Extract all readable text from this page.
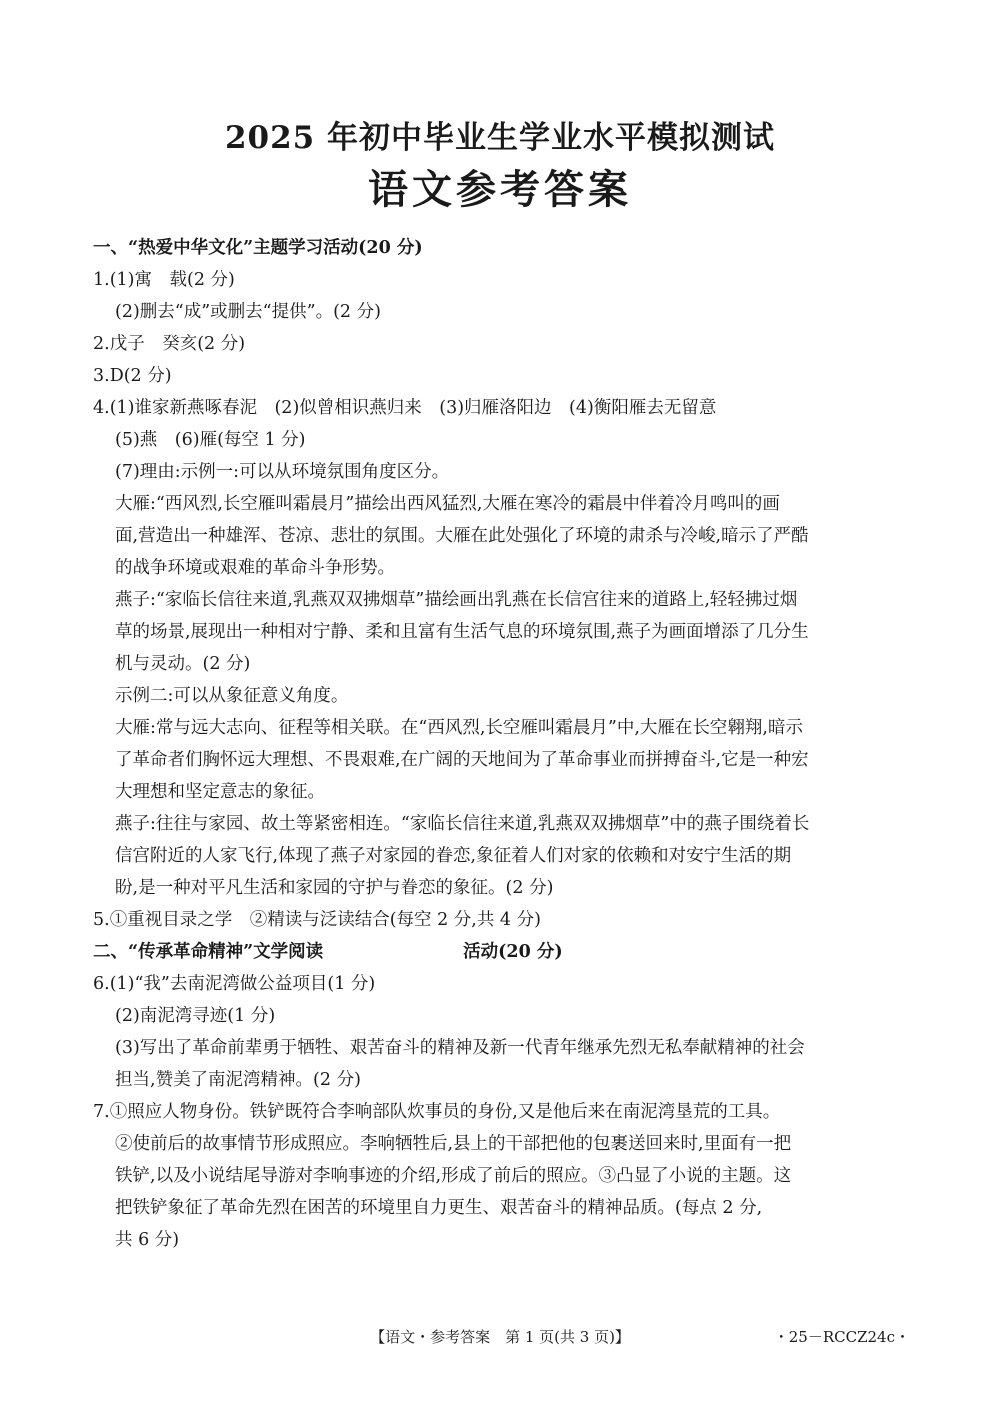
2025 年初中毕业生学业水平模拟测试
语文参考答案
一、“热爱中华文化”主题学习活动(20 分)
1.(1)寓　载(2 分)
(2)删去“成”或删去“提供”。(2 分)
2.戊子　癸亥(2 分)
3.D(2 分)
4.(1)谁家新燕啄春泥　(2)似曾相识燕归来　(3)归雁洛阳边　(4)衡阳雁去无留意
(5)燕　(6)雁(每空 1 分)
(7)理由:示例一:可以从环境氛围角度区分。
大雁:“西风烈,长空雁叫霜晨月”描绘出西风猛烈,大雁在寒冷的霜晨中伴着冷月鸣叫的画
面,营造出一种雄浑、苍凉、悲壮的氛围。大雁在此处强化了环境的肃杀与冷峻,暗示了严酷
的战争环境或艰难的革命斗争形势。
燕子:“家临长信往来道,乳燕双双拂烟草”描绘画出乳燕在长信宫往来的道路上,轻轻拂过烟
草的场景,展现出一种相对宁静、柔和且富有生活气息的环境氛围,燕子为画面增添了几分生
机与灵动。(2 分)
示例二:可以从象征意义角度。
大雁:常与远大志向、征程等相关联。在“西风烈,长空雁叫霜晨月”中,大雁在长空翱翔,暗示
了革命者们胸怀远大理想、不畏艰难,在广阔的天地间为了革命事业而拼搏奋斗,它是一种宏
大理想和坚定意志的象征。
燕子:往往与家园、故土等紧密相连。“家临长信往来道,乳燕双双拂烟草”中的燕子围绕着长
信宫附近的人家飞行,体现了燕子对家园的眷恋,象征着人们对家的依赖和对安宁生活的期
盼,是一种对平凡生活和家园的守护与眷恋的象征。(2 分)
5.①重视目录之学　②精读与泛读结合(每空 2 分,共 4 分)
二、“传承革命精神”文学阅读	活动(20 分)
6.(1)“我”去南泥湾做公益项目(1 分)
(2)南泥湾寻迹(1 分)
(3)写出了革命前辈勇于牺牲、艰苦奋斗的精神及新一代青年继承先烈无私奉献精神的社会
担当,赞美了南泥湾精神。(2 分)
7.①照应人物身份。铁铲既符合李响部队炊事员的身份,又是他后来在南泥湾垦荒的工具。
②使前后的故事情节形成照应。李响牺牲后,县上的干部把他的包裹送回来时,里面有一把
铁铲,以及小说结尾导游对李响事迹的介绍,形成了前后的照应。③凸显了小说的主题。这
把铁铲象征了革命先烈在困苦的环境里自力更生、艰苦奋斗的精神品质。(每点 2 分,
共 6 分)
【语文・参考答案　第 1 页(共 3 页)】	・25－RCCZ24c・
